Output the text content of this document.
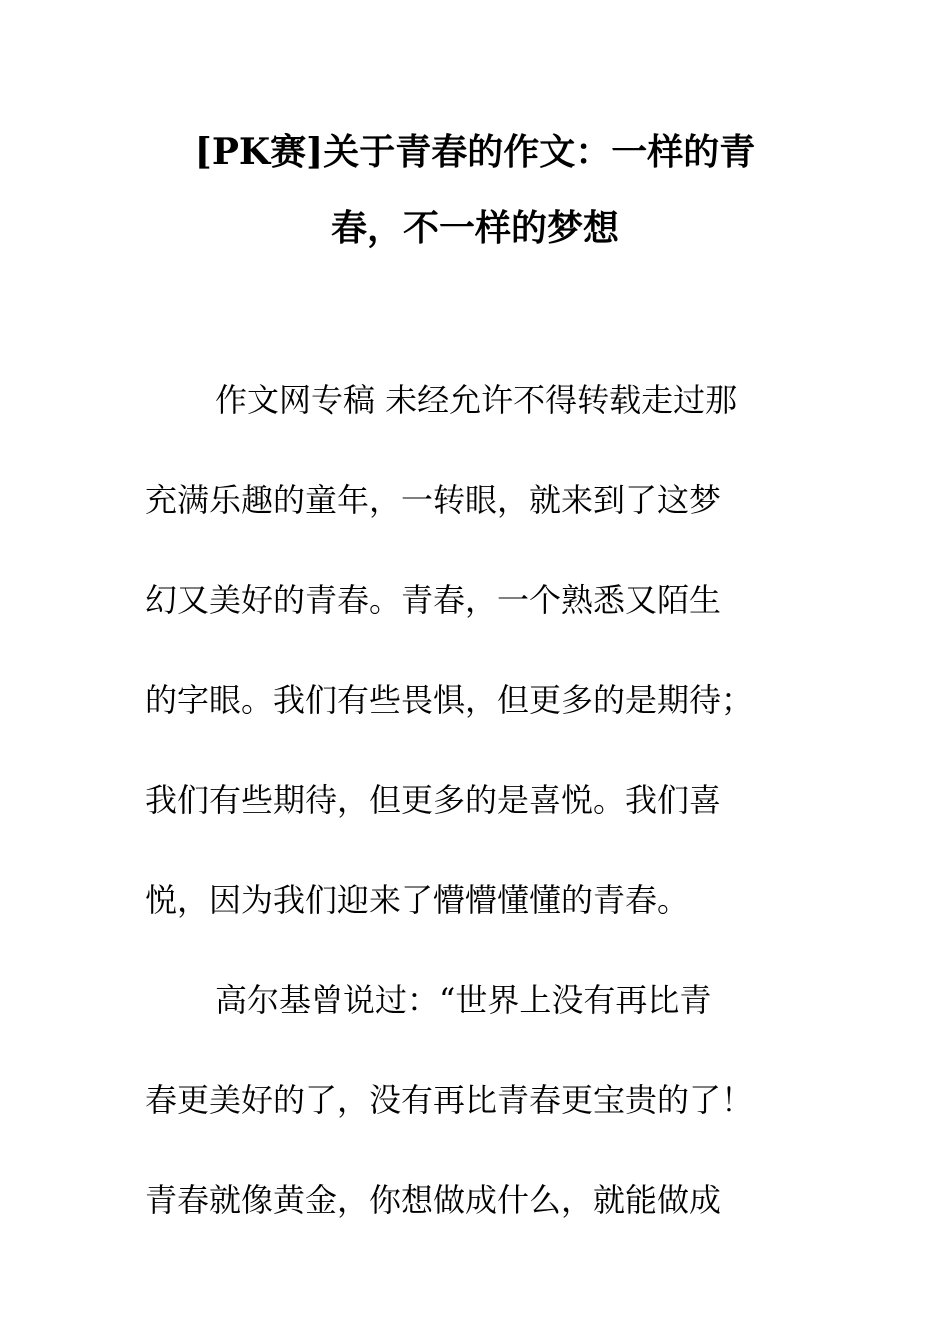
[PK赛]关于青春的作文：一样的青
春，不一样的梦想
作文网专稿 未经允许不得转载走过那
充满乐趣的童年，一转眼，就来到了这梦
幻又美好的青春。青春，一个熟悉又陌生
的字眼。我们有些畏惧，但更多的是期待；
我们有些期待，但更多的是喜悦。我们喜
悦，因为我们迎来了懵懵懂懂的青春。
高尔基曾说过：“世界上没有再比青
春更美好的了，没有再比青春更宝贵的了！
青春就像黄金，你想做成什么，就能做成
